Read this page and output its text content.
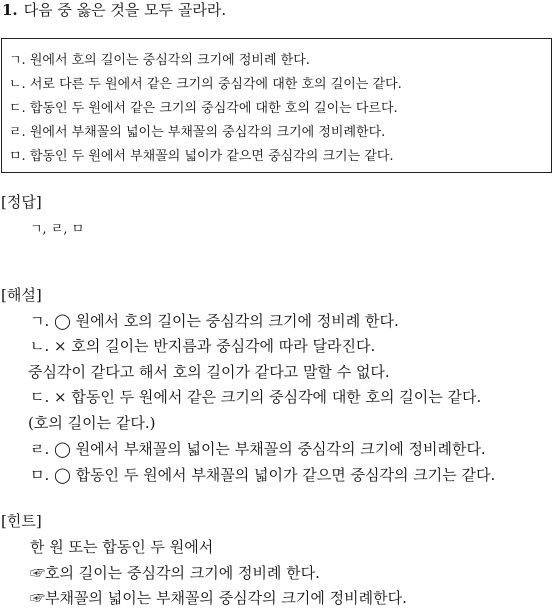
1. 다음 중 옳은 것을 모두 골라라.
ㄱ. 원에서 호의 길이는 중심각의 크기에 정비례 한다.
ㄴ. 서로 다른 두 원에서 같은 크기의 중심각에 대한 호의 길이는 같다.
ㄷ. 합동인 두 원에서 같은 크기의 중심각에 대한 호의 길이는 다르다.
ㄹ. 원에서 부채꼴의 넓이는 부채꼴의 중심각의 크기에 정비례한다.
ㅁ. 합동인 두 원에서 부채꼴의 넓이가 같으면 중심각의 크기는 같다.
[정답]
ㄱ, ㄹ, ㅁ
[해설]
ㄱ. ◯ 원에서 호의 길이는 중심각의 크기에 정비례 한다.
ㄴ. × 호의 길이는 반지름과 중심각에 따라 달라진다.
중심각이 같다고 해서 호의 길이가 같다고 말할 수 없다.
ㄷ. × 합동인 두 원에서 같은 크기의 중심각에 대한 호의 길이는 같다.
(호의 길이는 같다.)
ㄹ. ◯ 원에서 부채꼴의 넓이는 부채꼴의 중심각의 크기에 정비례한다.
ㅁ. ◯ 합동인 두 원에서 부채꼴의 넓이가 같으면 중심각의 크기는 같다.
[힌트]
한 원 또는 합동인 두 원에서
☞호의 길이는 중심각의 크기에 정비례 한다.
☞부채꼴의 넓이는 부채꼴의 중심각의 크기에 정비례한다.
